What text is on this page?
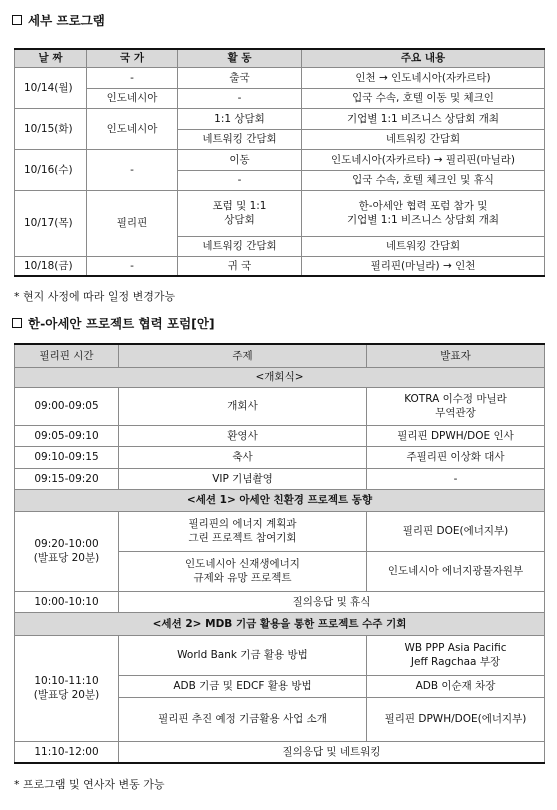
세부 프로그램
날 짜	국 가	활 동	주요 내용
10/14(월)	-	출국	인천 → 인도네시아(자카르타)
	인도네시아	-	입국 수속, 호텔 이동 및 체크인
10/15(화)	인도네시아	1:1 상담회	기업별 1:1 비즈니스 상담회 개최
		네트워킹 간담회	네트워킹 간담회
10/16(수)	-	이동	인도네시아(자카르타) → 필리핀(마닐라)
		-	입국 수속, 호텔 체크인 및 휴식
10/17(목)	필리핀	포럼 및 1:1
상담회	한-아세안 협력 포럼 참가 및
기업별 1:1 비즈니스 상담회 개최

		네트워킹 간담회	네트워킹 간담회
10/18(금)	-	귀 국	필리핀(마닐라) → 인천
* 현지 사정에 따라 일정 변경가능
한-아세안 프로젝트 협력 포럼[안]
필리핀 시간	주제	발표자
<개회식>		
09:00-09:05	개회사	KOTRA 이수정 마닐라
무역관장

09:05-09:10	환영사	필리핀 DPWH/DOE 인사
09:10-09:15	축사	주필리핀 이상화 대사
09:15-09:20	VIP 기념촬영	-
<세션 1> 아세안 친환경 프로젝트 동향		

09:20-10:00
(발표당 20분)	필리핀의 에너지 계획과
그린 프로젝트 참여기회	필리핀 DOE(에너지부)

	인도네시아 신재생에너지
규제와 유망 프로젝트	인도네시아 에너지광물자원부
10:00-10:10	질의응답 및 휴식	
<세션 2> MDB 기금 활용을 통한 프로젝트 수주 기회		

10:10-11:10
(발표당 20분)	World Bank 기금 활용 방법	WB PPP Asia Pacific
Jeff Ragchaa 부장

	ADB 기금 및 EDCF 활용 방법	ADB 이순재 차장
	필리핀 추진 예정 기금활용 사업 소개	필리핀 DPWH/DOE(에너지부)
11:10-12:00	질의응답 및 네트워킹	
* 프로그램 및 연사자 변동 가능
